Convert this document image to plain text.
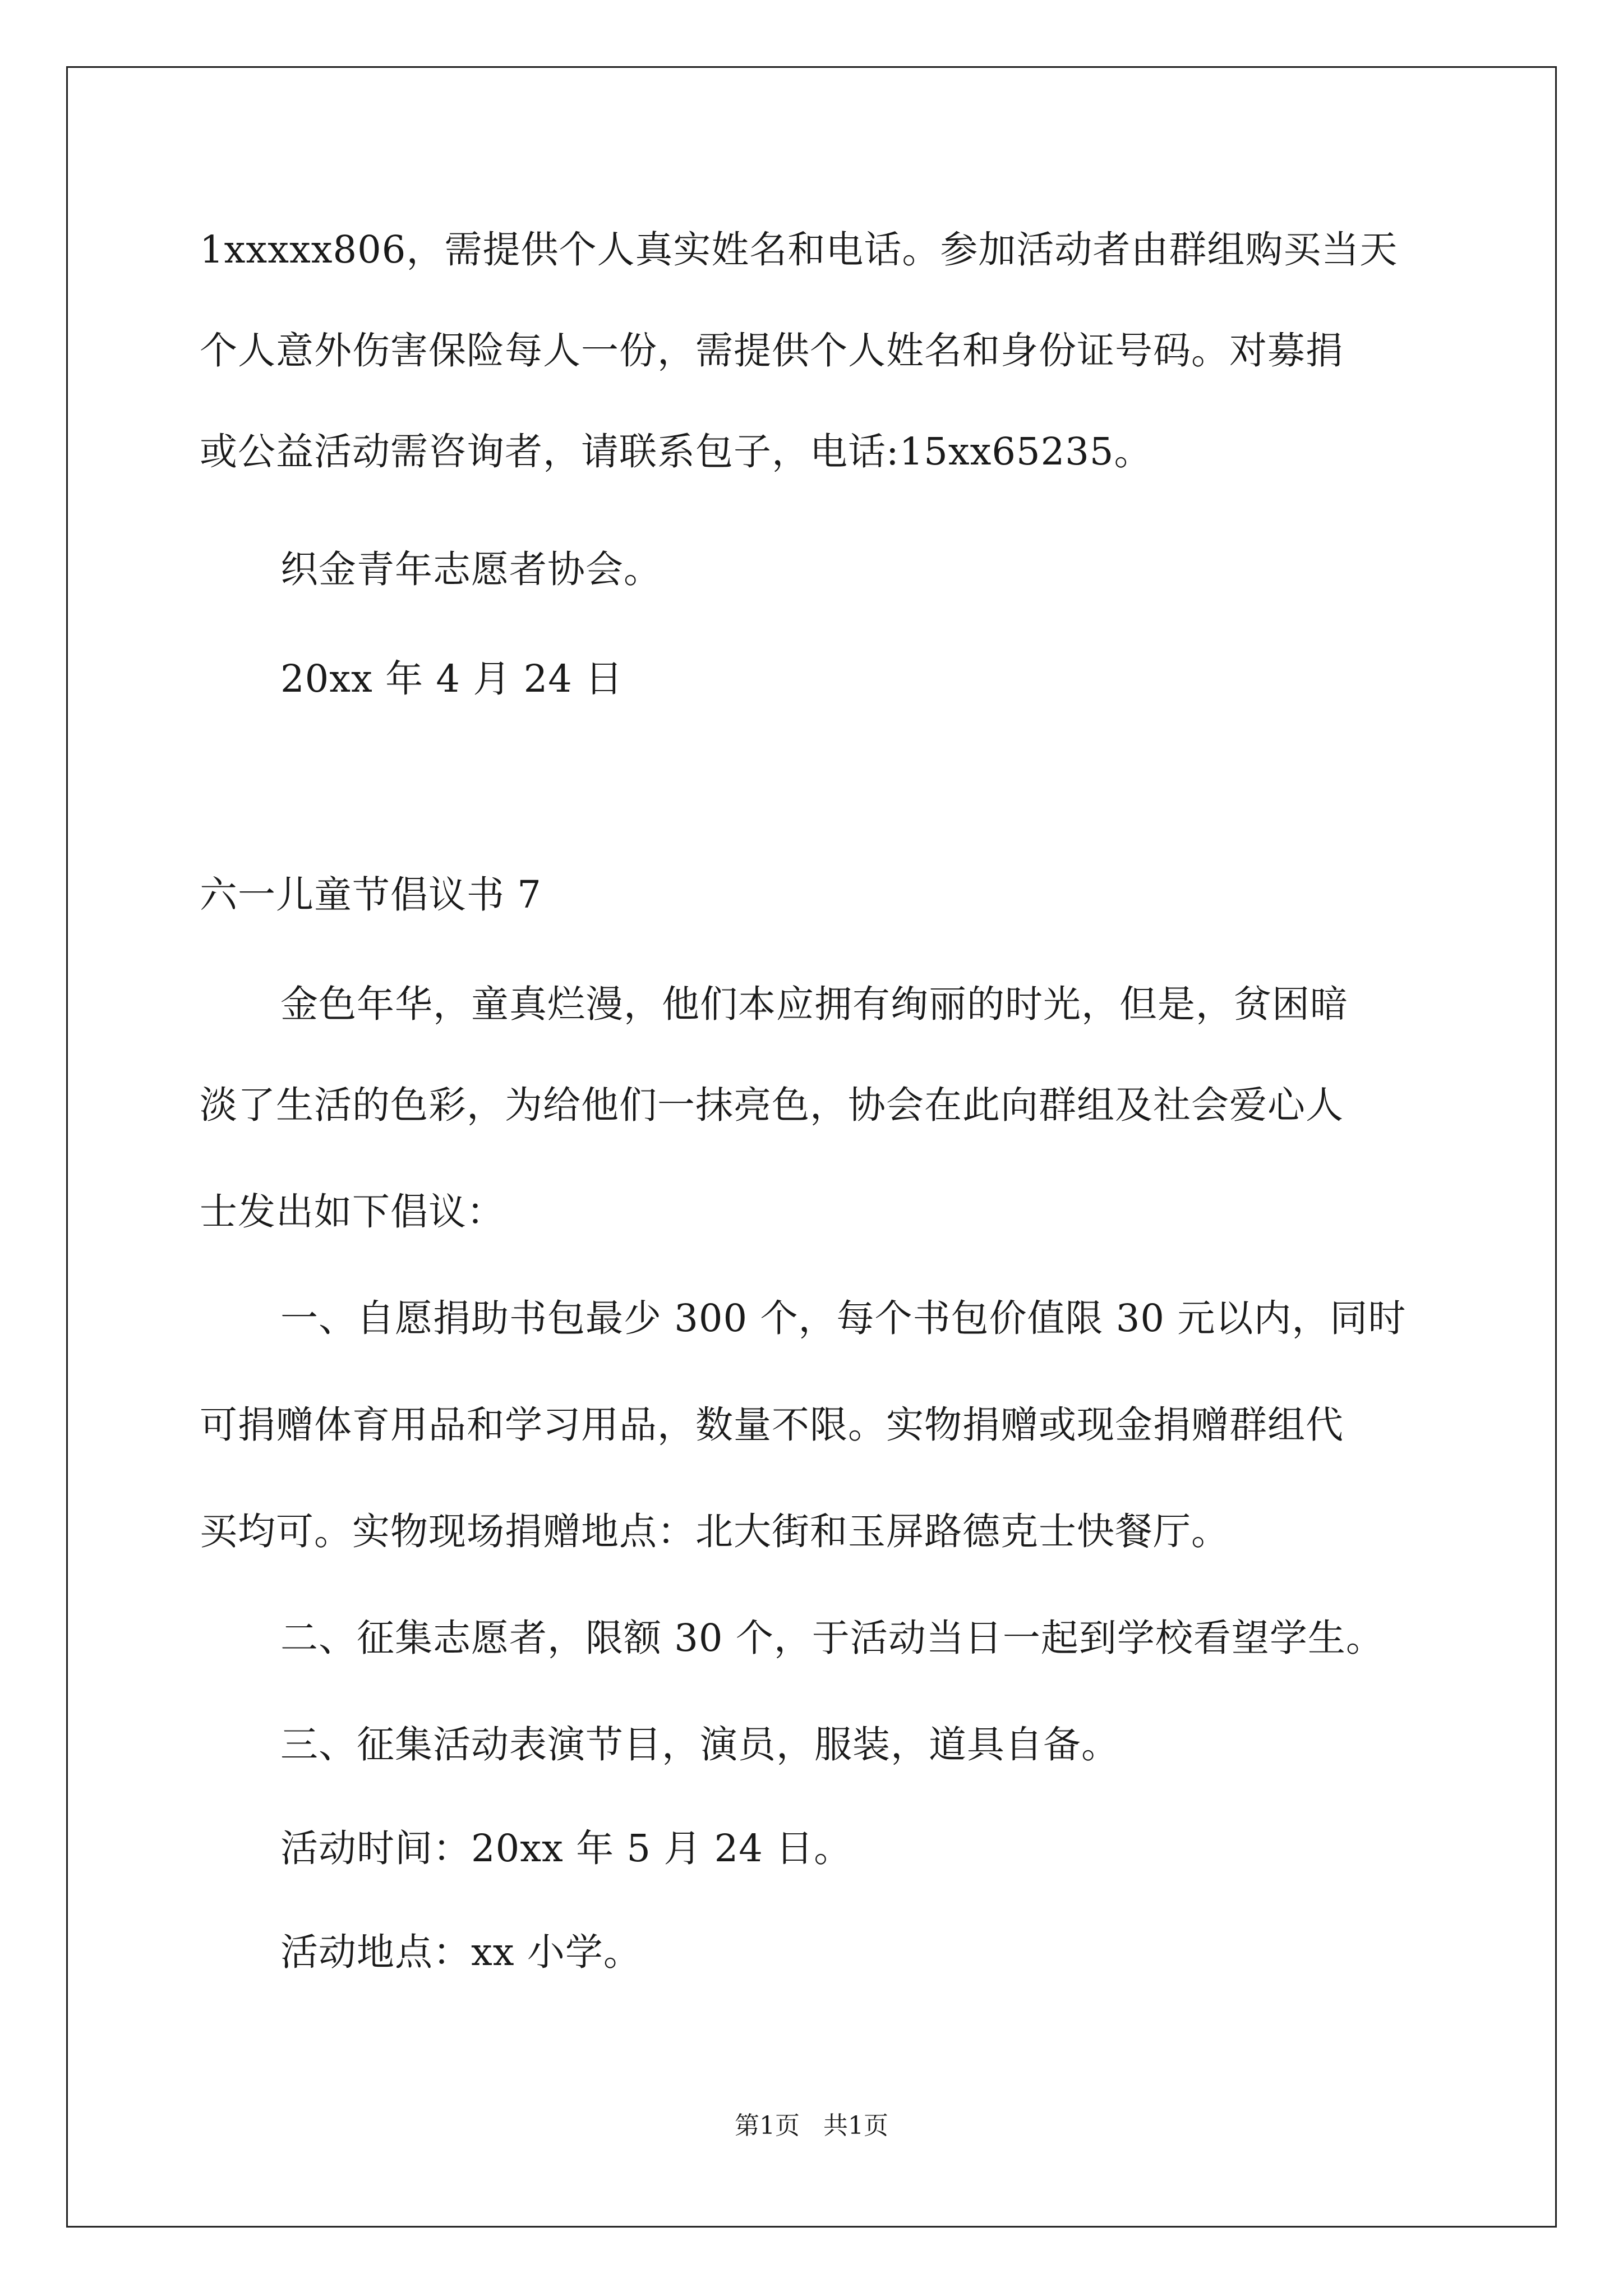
1xxxxx806，需提供个人真实姓名和电话。参加活动者由群组购买当天
个人意外伤害保险每人一份，需提供个人姓名和身份证号码。对募捐
或公益活动需咨询者，请联系包子，电话:15xx65235。
织金青年志愿者协会。
20xx 年 4 月 24 日
六一儿童节倡议书 7
金色年华，童真烂漫，他们本应拥有绚丽的时光，但是，贫困暗
淡了生活的色彩，为给他们一抹亮色，协会在此向群组及社会爱心人
士发出如下倡议：
一、自愿捐助书包最少 300 个，每个书包价值限 30 元以内，同时
可捐赠体育用品和学习用品，数量不限。实物捐赠或现金捐赠群组代
买均可。实物现场捐赠地点：北大街和玉屏路德克士快餐厅。
二、征集志愿者，限额 30 个，于活动当日一起到学校看望学生。
三、征集活动表演节目，演员，服装，道具自备。
活动时间：20xx 年 5 月 24 日。
活动地点：xx 小学。
第1页   共1页
